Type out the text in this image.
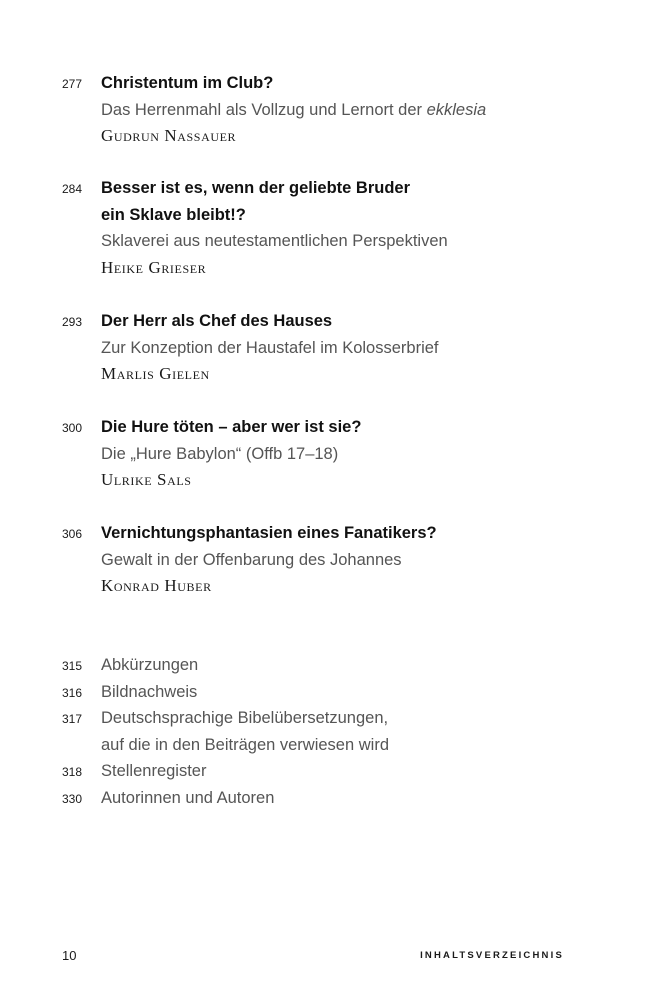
277	Christentum im Club?
Das Herrenmahl als Vollzug und Lernort der ekklesia
Gudrun Nassauer
284	Besser ist es, wenn der geliebte Bruder
ein Sklave bleibt!?
Sklaverei aus neutestamentlichen Perspektiven
Heike Grieser
293	Der Herr als Chef des Hauses
Zur Konzeption der Haustafel im Kolosserbrief
Marlis Gielen
300	Die Hure töten – aber wer ist sie?
Die „Hure Babylon“ (Offb 17–18)
Ulrike Sals
306	Vernichtungsphantasien eines Fanatikers?
Gewalt in der Offenbarung des Johannes
Konrad Huber
315	Abkürzungen
316	Bildnachweis
317	Deutschsprachige Bibelübersetzungen,
auf die in den Beiträgen verwiesen wird
318	Stellenregister
330	Autorinnen und Autoren
10	INHALTSVERZEICHNIS
